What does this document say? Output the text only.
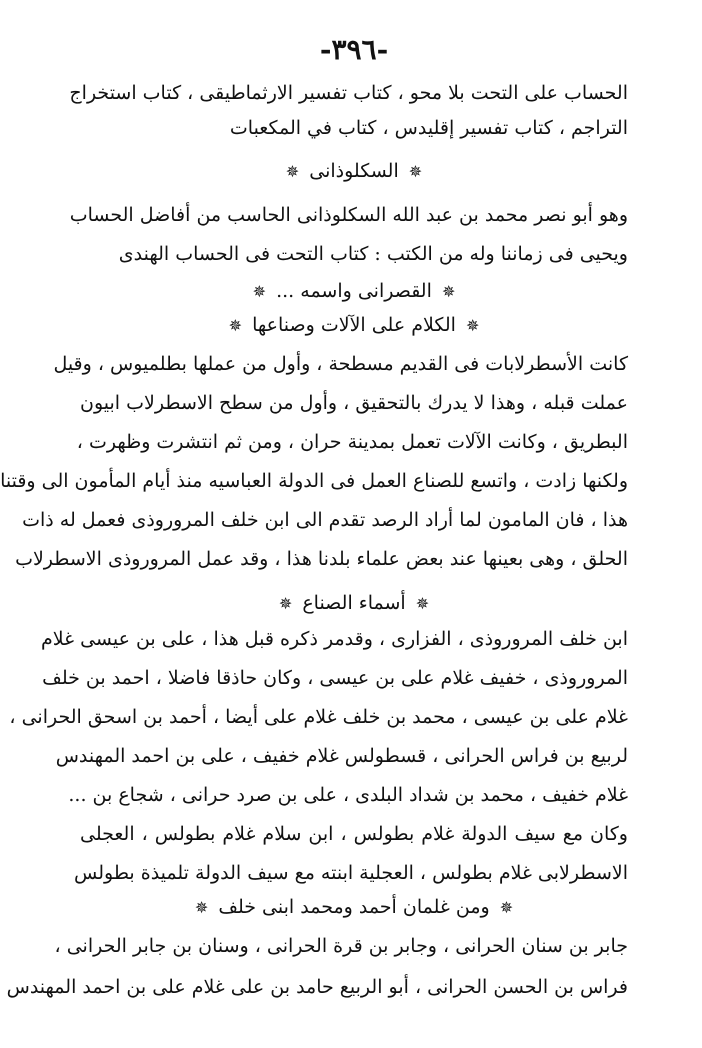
-٣٩٦-
الحساب على التحت بلا محو ، كتاب تفسير الارثماطيقى ، كتاب استخراج
التراجم ، كتاب تفسير إقليدس ، كتاب في المكعبات
✵ السكلوذانى ✵
وهو أبو نصر محمد بن عبد الله السكلوذانى الحاسب من أفاضل الحساب
ويحيى فى زماننا وله من الكتب : كتاب التحت فى الحساب الهندى
✵ القصرانى واسمه ... ✵
✵ الكلام على الآلات وصناعها ✵
كانت الأسطرلابات فى القديم مسطحة ، وأول من عملها بطلميوس ، وقيل
عملت قبله ، وهذا لا يدرك بالتحقيق ، وأول من سطح الاسطرلاب ابيون
البطريق ، وكانت الآلات تعمل بمدينة حران ، ومن ثم انتشرت وظهرت ،
ولكنها زادت ، واتسع للصناع العمل فى الدولة العباسيه منذ أيام المأمون الى وقتنا
هذا ، فان المامون لما أراد الرصد تقدم الى ابن خلف المروروذى فعمل له ذات
الحلق ، وهى بعينها عند بعض علماء بلدنا هذا ، وقد عمل المروروذى الاسطرلاب
✵ أسماء الصناع ✵
ابن خلف المروروذى ، الفزارى ، وقدمر ذكره قبل هذا ، على بن عيسى غلام
المروروذى ، خفيف غلام على بن عيسى ، وكان حاذقا فاضلا ، احمد بن خلف
غلام على بن عيسى ، محمد بن خلف غلام على أيضا ، أحمد بن اسحق الحرانى ،
لربيع بن فراس الحرانى ، قسطولس غلام خفيف ، على بن احمد المهندس
غلام خفيف ، محمد بن شداد البلدى ، على بن صرد حرانى ، شجاع بن ...
وكان مع سيف الدولة غلام بطولس ، ابن سلام غلام بطولس ، العجلى
الاسطرلابى غلام بطولس ، العجلية ابنته مع سيف الدولة تلميذة بطولس
✵ ومن غلمان أحمد ومحمد ابنى خلف ✵
جابر بن سنان الحرانى ، وجابر بن قرة الحرانى ، وسنان بن جابر الحرانى ،
فراس بن الحسن الحرانى ، أبو الربيع حامد بن على غلام على بن احمد المهندس
